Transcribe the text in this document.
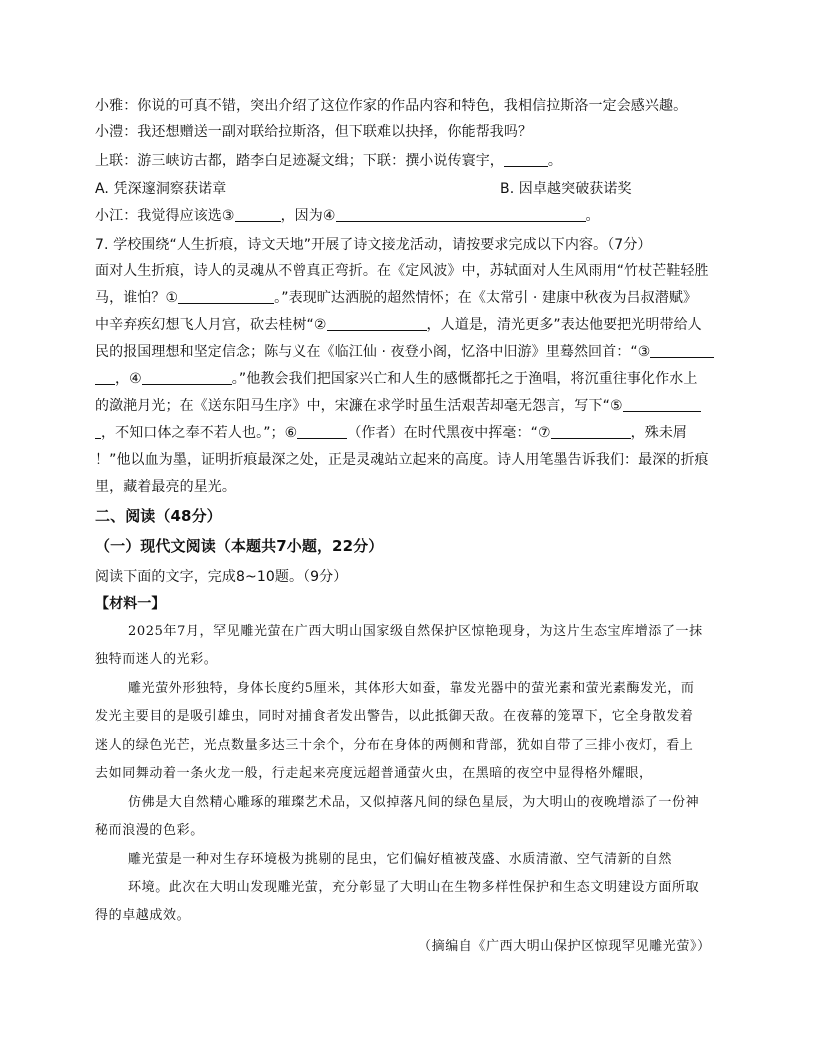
小雅：你说的可真不错，突出介绍了这位作家的作品内容和特色，我相信拉斯洛一定会感兴趣。
小澧：我还想赠送一副对联给拉斯洛，但下联难以抉择，你能帮我吗？
上联：游三峡访古都，踏李白足迹凝文缉；下联：撰小说传寰宇，	。
A. 凭深邃洞察获诺章	B. 因卓越突破获诺奖
小江：我觉得应该选③	，因为④	。
7. 学校围绕“人生折痕，诗文天地”开展了诗文接龙活动，请按要求完成以下内容。（7分）
面对人生折痕，诗人的灵魂从不曾真正弯折。在《定风波》中，苏轼面对人生风雨用“竹杖芒鞋轻胜
马，谁怕？①	。”表现旷达洒脱的超然情怀；在《太常引 · 建康中秋夜为吕叔潜赋》
中辛弃疾幻想飞人月宫，砍去桂树“②	，人道是，清光更多”表达他要把光明带给人
民的报国理想和坚定信念；陈与义在《临江仙 · 夜登小阁，忆洛中旧游》里蓦然回首：“③
，④	。”他教会我们把国家兴亡和人生的感慨都托之于渔唱，将沉重往事化作水上
的潋滟月光；在《送东阳马生序》中，宋濂在求学时虽生活艰苦却毫无怨言，写下“⑤
，不知口体之奉不若人也。”；⑥	（作者）在时代黑夜中挥毫：“⑦	，殊未屑
！”他以血为墨，证明折痕最深之处，正是灵魂站立起来的高度。诗人用笔墨告诉我们：最深的折痕
里，藏着最亮的星光。
二、阅读（48分）
（一）现代文阅读（本题共7小题，22分）
阅读下面的文字，完成8~10题。（9分）
【材料一】
2025年7月，罕见雕光萤在广西大明山国家级自然保护区惊艳现身，为这片生态宝库增添了一抹
独特而迷人的光彩。
雕光萤外形独特，身体长度约5厘米，其体形大如蚕，靠发光器中的萤光素和萤光素酶发光，而
发光主要目的是吸引雄虫，同时对捕食者发出警告，以此抵御天敌。在夜幕的笼罩下，它全身散发着
迷人的绿色光芒，光点数量多达三十余个，分布在身体的两侧和背部，犹如自带了三排小夜灯，看上
去如同舞动着一条火龙一般，行走起来亮度远超普通萤火虫，在黑暗的夜空中显得格外耀眼，
仿佛是大自然精心雕琢的璀璨艺术品，又似掉落凡间的绿色星辰，为大明山的夜晚增添了一份神
秘而浪漫的色彩。
雕光萤是一种对生存环境极为挑剔的昆虫，它们偏好植被茂盛、水质清澈、空气清新的自然
环境。此次在大明山发现雕光萤，充分彰显了大明山在生物多样性保护和生态文明建设方面所取
得的卓越成效。
（摘编自《广西大明山保护区惊现罕见雕光萤》）
